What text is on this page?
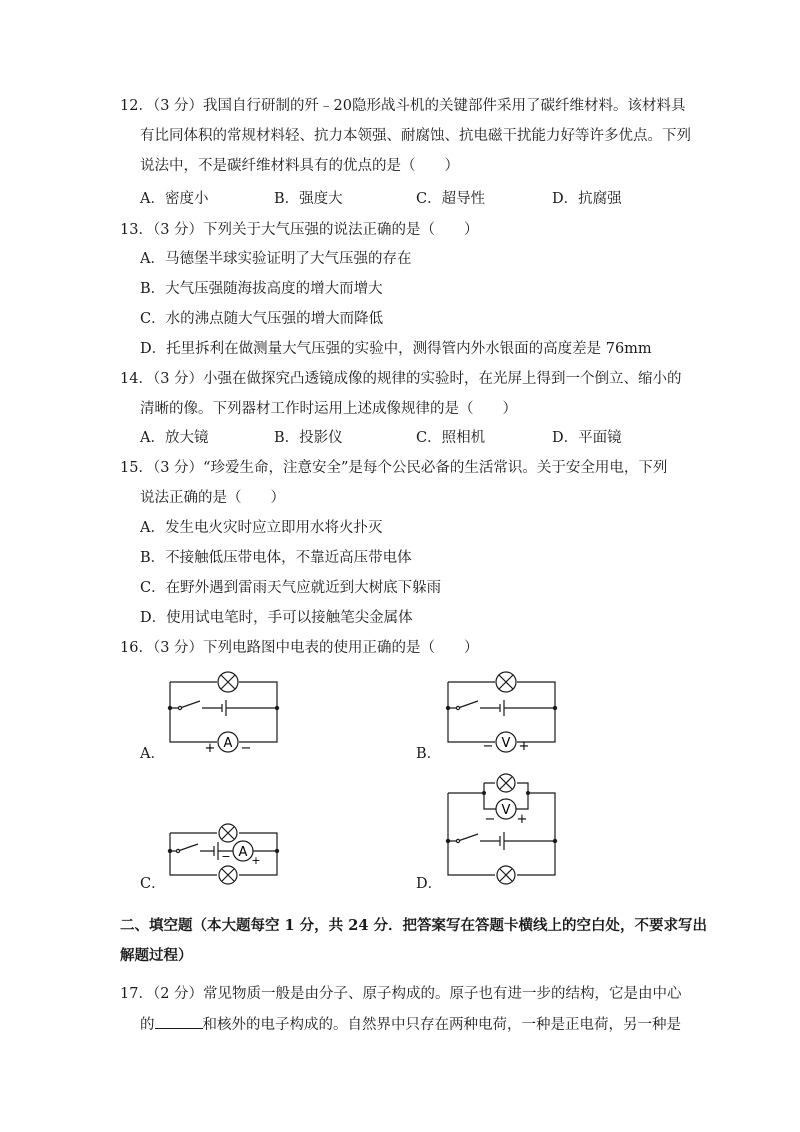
12．（3 分）我国自行研制的歼﹣20隐形战斗机的关键部件采用了碳纤维材料。该材料具
有比同体积的常规材料轻、抗力本领强、耐腐蚀、抗电磁干扰能力好等许多优点。下列
说法中，不是碳纤维材料具有的优点的是（　　）
A．密度小	B．强度大	C．超导性	D．抗腐强
13．（3 分）下列关于大气压强的说法正确的是（　　）
A．马德堡半球实验证明了大气压强的存在
B．大气压强随海拔高度的增大而增大
C．水的沸点随大气压强的增大而降低
D．托里拆利在做测量大气压强的实验中，测得管内外水银面的高度差是 76mm
14．（3 分）小强在做探究凸透镜成像的规律的实验时，在光屏上得到一个倒立、缩小的
清晰的像。下列器材工作时运用上述成像规律的是（　　）
A．放大镜	B．投影仪	C．照相机	D．平面镜
15．（3 分）“珍爱生命，注意安全”是每个公民必备的生活常识。关于安全用电，下列
说法正确的是（　　）
A．发生电火灾时应立即用水将火扑灭
B．不接触低压带电体，不靠近高压带电体
C．在野外遇到雷雨天气应就近到大树底下躲雨
D．使用试电笔时，手可以接触笔尖金属体
16．（3 分）下列电路图中电表的使用正确的是（　　）
A．	B．
C．	D．
A
+ −	V
− +
A
− +
V
− +
二、填空题（本大题每空 1 分，共 24 分．把答案写在答题卡横线上的空白处，不要求写出
解题过程）
17．（2 分）常见物质一般是由分子、原子构成的。原子也有进一步的结构，它是由中心
的	和核外的电子构成的。自然界中只存在两种电荷，一种是正电荷，另一种是
